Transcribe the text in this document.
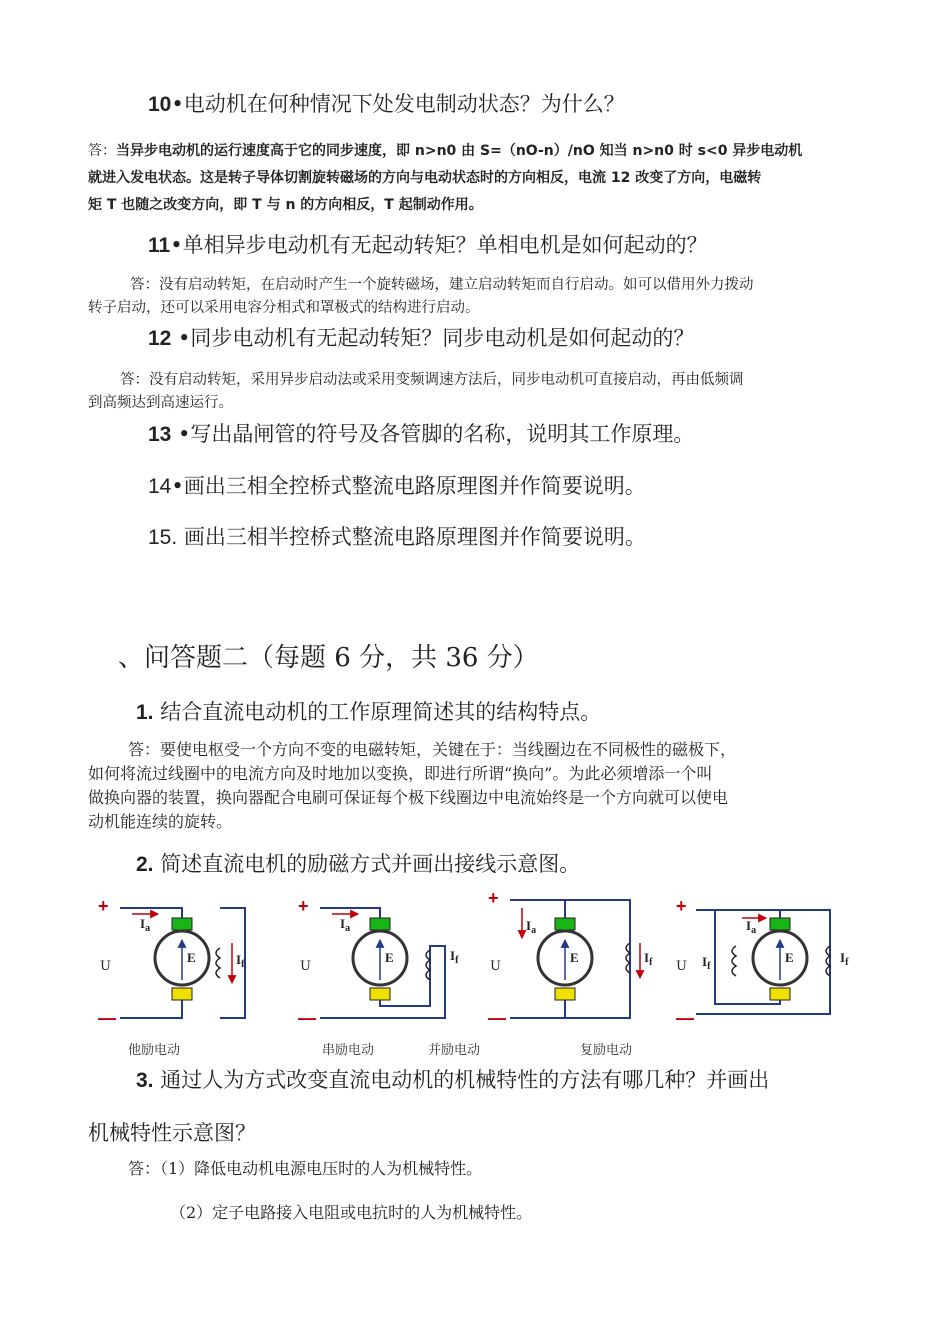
10•电动机在何种情况下处发电制动状态？为什么？
答：当异步电动机的运行速度高于它的同步速度，即 n>n0 由 S=（nO-n）/nO 知当 n>n0 时 s<0 异步电动机
就进入发电状态。这是转子导体切割旋转磁场的方向与电动状态时的方向相反，电流 12 改变了方向，电磁转
矩 T 也随之改变方向，即 T 与 n 的方向相反，T 起制动作用。
11•单相异步电动机有无起动转矩？单相电机是如何起动的？
答：没有启动转矩，在启动时产生一个旋转磁场，建立启动转矩而自行启动。如可以借用外力拨动
转子启动，还可以采用电容分相式和罩极式的结构进行启动。
12 •同步电动机有无起动转矩？同步电动机是如何起动的？
答：没有启动转矩，采用异步启动法或采用变频调速方法后，同步电动机可直接启动，再由低频调
到高频达到高速运行。
13 •写出晶闸管的符号及各管脚的名称，说明其工作原理。
14•画出三相全控桥式整流电路原理图并作简要说明。
15. 画出三相半控桥式整流电路原理图并作简要说明。
、问答题二（每题 6 分，共 36 分）
1. 结合直流电动机的工作原理简述其的结构特点。
答：要使电枢受一个方向不变的电磁转矩，关键在于：当线圈边在不同极性的磁极下，
如何将流过线圈中的电流方向及时地加以变换，即进行所谓“换向”。为此必须增添一个叫
做换向器的装置，换向器配合电刷可保证每个极下线圈边中电流始终是一个方向就可以使电
动机能连续的旋转。
2. 简述直流电机的励磁方式并画出接线示意图。
+
—
U
$I_a$
E	$I_f$
他励电动
+
—
U
$I_a$
E	$I_f$
串励电动
+
—
U
$I_a$
E	$I_f$
并励电动
+
—
U $I_f$
$I_a$
E	$I_f$
复励电动
3. 通过人为方式改变直流电动机的机械特性的方法有哪几种？并画出
机械特性示意图？
答：（1）降低电动机电源电压时的人为机械特性。
（2）定子电路接入电阻或电抗时的人为机械特性。
